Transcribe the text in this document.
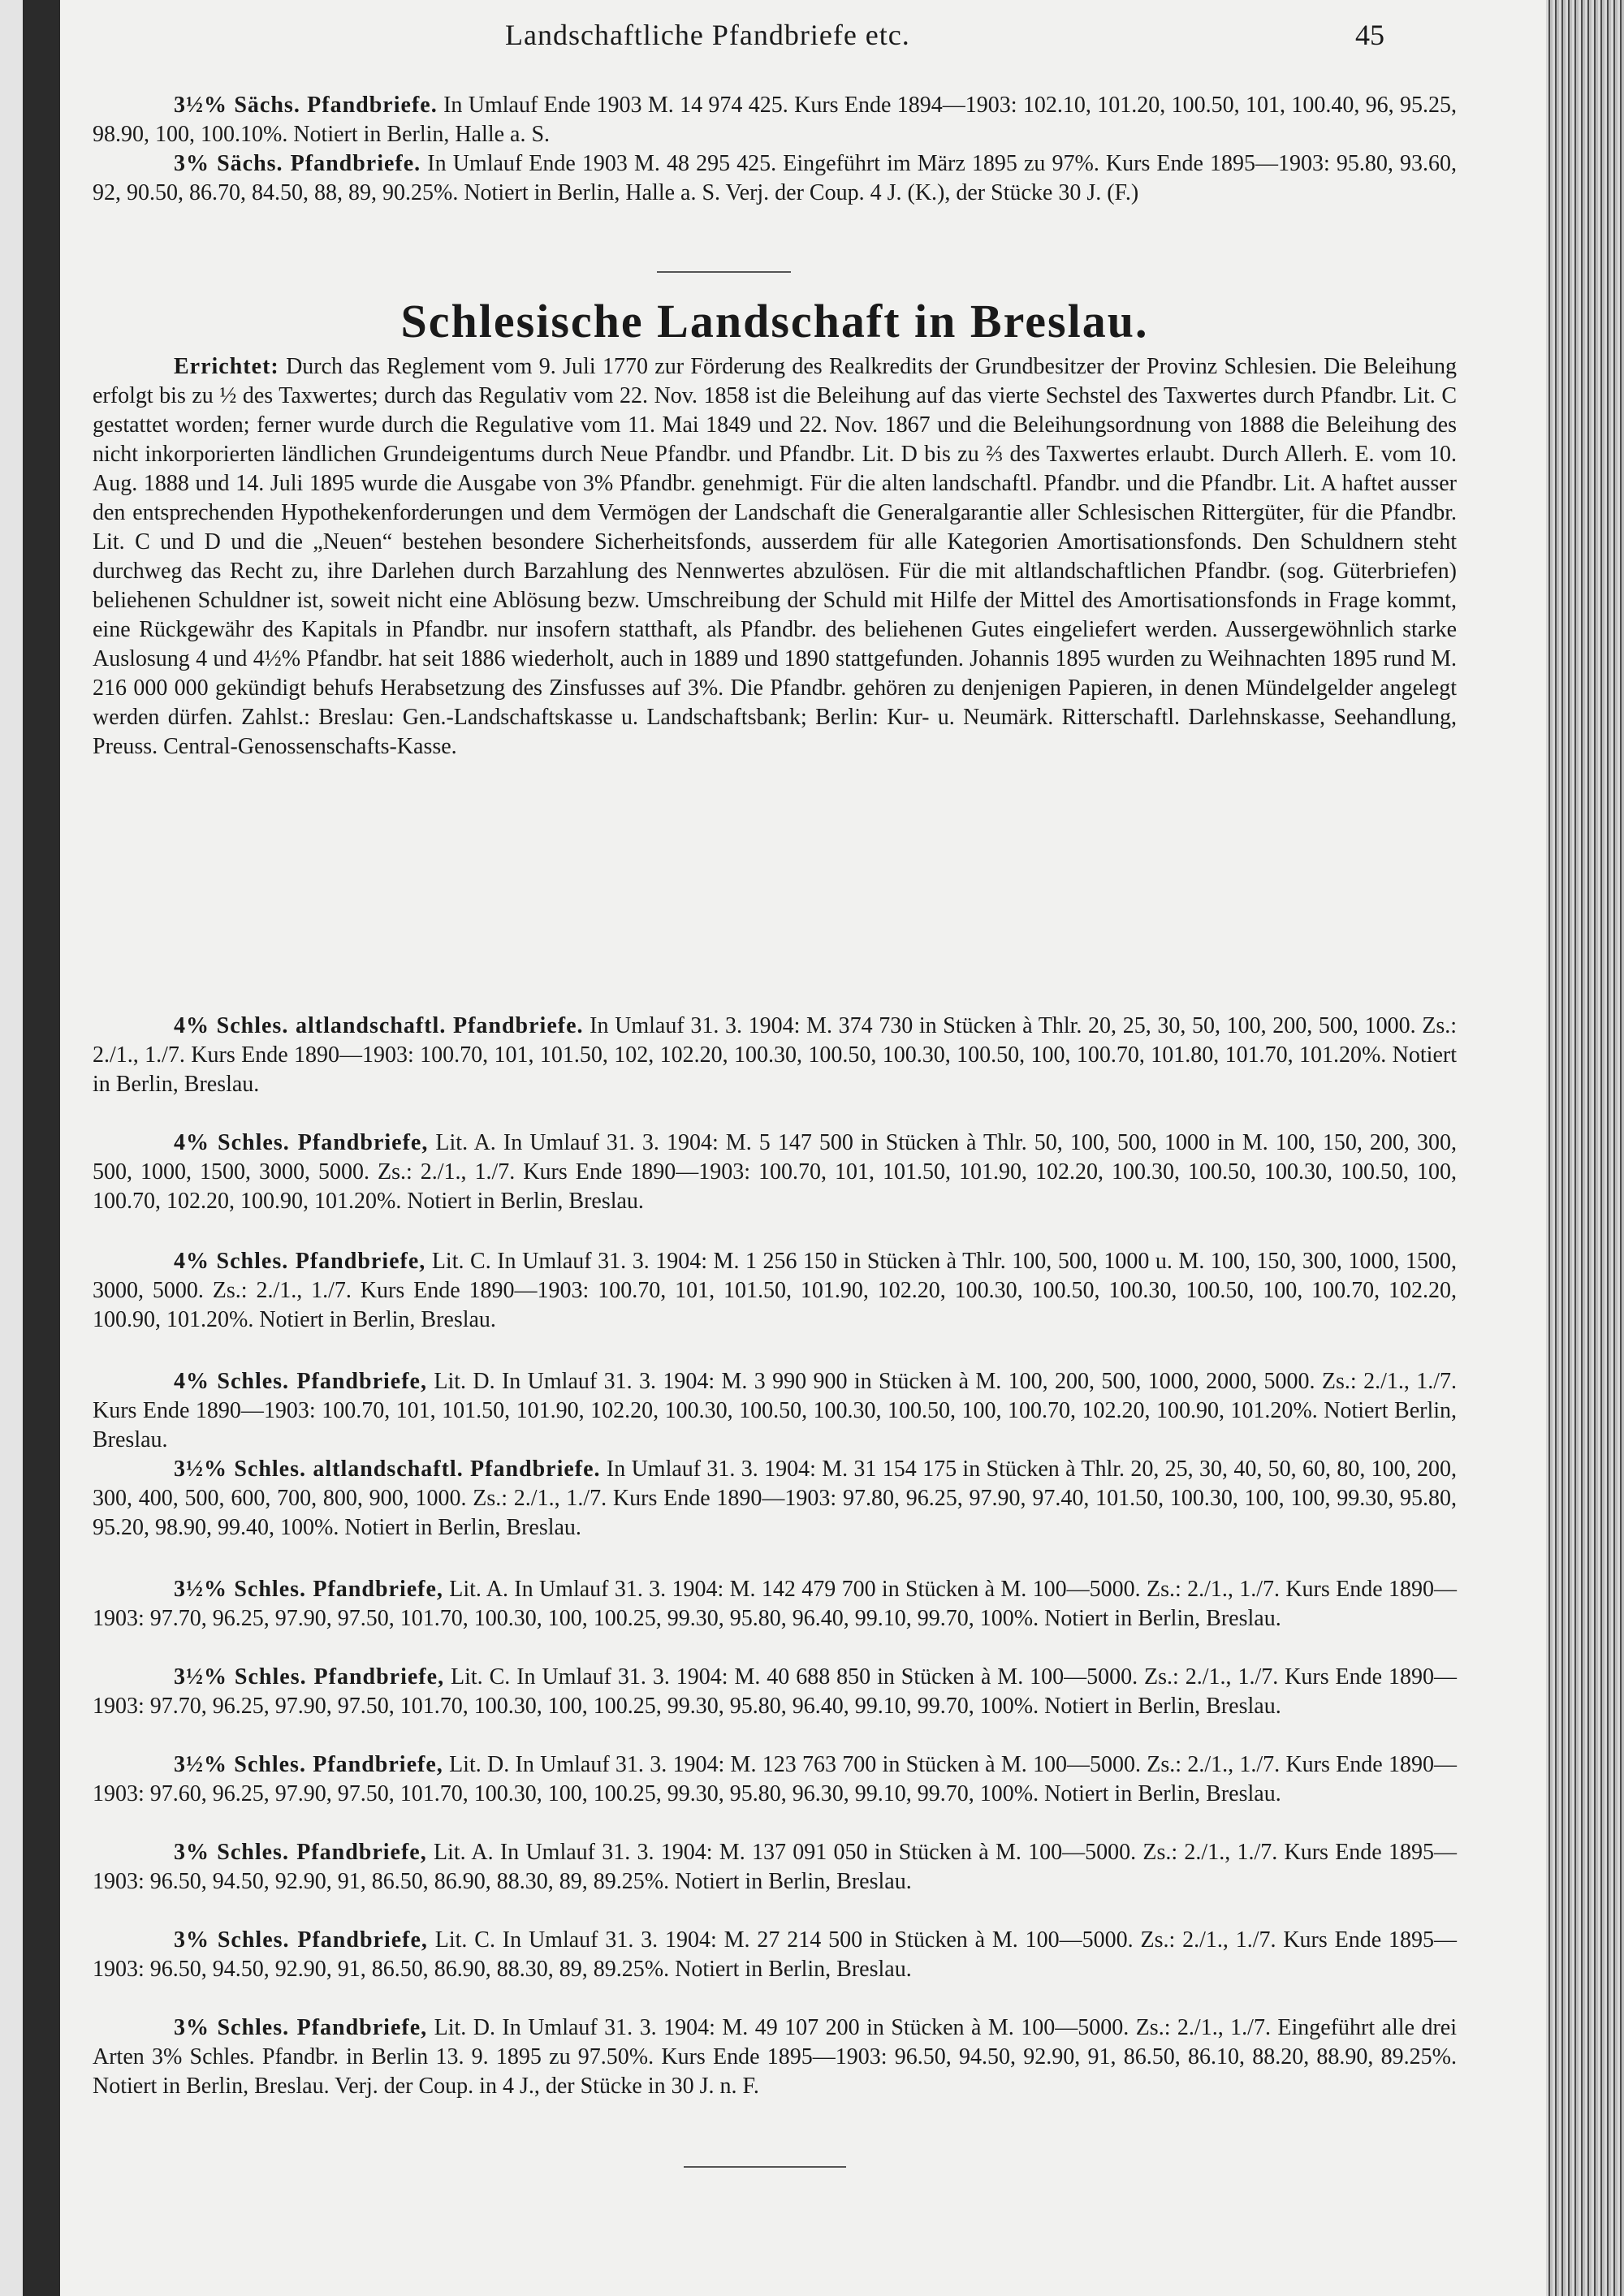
Landschaftliche Pfandbriefe etc.	45

3½% Sächs. Pfandbriefe. In Umlauf Ende 1903 M. 14 974 425. Kurs Ende 1894—1903: 102.10, 101.20, 100.50, 101, 100.40, 96, 95.25, 98.90, 100, 100.10%. Notiert in Berlin, Halle a. S.

3% Sächs. Pfandbriefe. In Umlauf Ende 1903 M. 48 295 425. Eingeführt im März 1895 zu 97%. Kurs Ende 1895—1903: 95.80, 93.60, 92, 90.50, 86.70, 84.50, 88, 89, 90.25%. Notiert in Berlin, Halle a. S. Verj. der Coup. 4 J. (K.), der Stücke 30 J. (F.)

Schlesische Landschaft in Breslau.

Errichtet: Durch das Reglement vom 9. Juli 1770 zur Förderung des Realkredits der Grundbesitzer der Provinz Schlesien. Die Beleihung erfolgt bis zu ½ des Taxwertes; durch das Regulativ vom 22. Nov. 1858 ist die Beleihung auf das vierte Sechstel des Taxwertes durch Pfandbr. Lit. C gestattet worden; ferner wurde durch die Regulative vom 11. Mai 1849 und 22. Nov. 1867 und die Beleihungsordnung von 1888 die Beleihung des nicht inkorporierten ländlichen Grundeigentums durch Neue Pfandbr. und Pfandbr. Lit. D bis zu ⅔ des Taxwertes erlaubt. Durch Allerh. E. vom 10. Aug. 1888 und 14. Juli 1895 wurde die Ausgabe von 3% Pfandbr. genehmigt. Für die alten landschaftl. Pfandbr. und die Pfandbr. Lit. A haftet ausser den entsprechenden Hypothekenforderungen und dem Vermögen der Landschaft die Generalgarantie aller Schlesischen Rittergüter, für die Pfandbr. Lit. C und D und die „Neuen“ bestehen besondere Sicherheitsfonds, ausserdem für alle Kategorien Amortisationsfonds. Den Schuldnern steht durchweg das Recht zu, ihre Darlehen durch Barzahlung des Nennwertes abzulösen. Für die mit altlandschaftlichen Pfandbr. (sog. Güterbriefen) beliehenen Schuldner ist, soweit nicht eine Ablösung bezw. Umschreibung der Schuld mit Hilfe der Mittel des Amortisationsfonds in Frage kommt, eine Rückgewähr des Kapitals in Pfandbr. nur insofern statthaft, als Pfandbr. des beliehenen Gutes eingeliefert werden. Aussergewöhnlich starke Auslosung 4 und 4½% Pfandbr. hat seit 1886 wiederholt, auch in 1889 und 1890 stattgefunden. Johannis 1895 wurden zu Weihnachten 1895 rund M. 216 000 000 gekündigt behufs Herabsetzung des Zinsfusses auf 3%. Die Pfandbr. gehören zu denjenigen Papieren, in denen Mündelgelder angelegt werden dürfen. Zahlst.: Breslau: Gen.-Landschaftskasse u. Landschaftsbank; Berlin: Kur- u. Neumärk. Ritterschaftl. Darlehnskasse, Seehandlung, Preuss. Central-Genossenschafts-Kasse.

4% Schles. altlandschaftl. Pfandbriefe. In Umlauf 31. 3. 1904: M. 374 730 in Stücken à Thlr. 20, 25, 30, 50, 100, 200, 500, 1000. Zs.: 2./1., 1./7. Kurs Ende 1890—1903: 100.70, 101, 101.50, 102, 102.20, 100.30, 100.50, 100.30, 100.50, 100, 100.70, 101.80, 101.70, 101.20%. Notiert in Berlin, Breslau.

4% Schles. Pfandbriefe, Lit. A. In Umlauf 31. 3. 1904: M. 5 147 500 in Stücken à Thlr. 50, 100, 500, 1000 in M. 100, 150, 200, 300, 500, 1000, 1500, 3000, 5000. Zs.: 2./1., 1./7. Kurs Ende 1890—1903: 100.70, 101, 101.50, 101.90, 102.20, 100.30, 100.50, 100.30, 100.50, 100, 100.70, 102.20, 100.90, 101.20%. Notiert in Berlin, Breslau.

4% Schles. Pfandbriefe, Lit. C. In Umlauf 31. 3. 1904: M. 1 256 150 in Stücken à Thlr. 100, 500, 1000 u. M. 100, 150, 300, 1000, 1500, 3000, 5000. Zs.: 2./1., 1./7. Kurs Ende 1890—1903: 100.70, 101, 101.50, 101.90, 102.20, 100.30, 100.50, 100.30, 100.50, 100, 100.70, 102.20, 100.90, 101.20%. Notiert in Berlin, Breslau.

4% Schles. Pfandbriefe, Lit. D. In Umlauf 31. 3. 1904: M. 3 990 900 in Stücken à M. 100, 200, 500, 1000, 2000, 5000. Zs.: 2./1., 1./7. Kurs Ende 1890—1903: 100.70, 101, 101.50, 101.90, 102.20, 100.30, 100.50, 100.30, 100.50, 100, 100.70, 102.20, 100.90, 101.20%. Notiert Berlin, Breslau.

3½% Schles. altlandschaftl. Pfandbriefe. In Umlauf 31. 3. 1904: M. 31 154 175 in Stücken à Thlr. 20, 25, 30, 40, 50, 60, 80, 100, 200, 300, 400, 500, 600, 700, 800, 900, 1000. Zs.: 2./1., 1./7. Kurs Ende 1890—1903: 97.80, 96.25, 97.90, 97.40, 101.50, 100.30, 100, 100, 99.30, 95.80, 95.20, 98.90, 99.40, 100%. Notiert in Berlin, Breslau.

3½% Schles. Pfandbriefe, Lit. A. In Umlauf 31. 3. 1904: M. 142 479 700 in Stücken à M. 100—5000. Zs.: 2./1., 1./7. Kurs Ende 1890—1903: 97.70, 96.25, 97.90, 97.50, 101.70, 100.30, 100, 100.25, 99.30, 95.80, 96.40, 99.10, 99.70, 100%. Notiert in Berlin, Breslau.

3½% Schles. Pfandbriefe, Lit. C. In Umlauf 31. 3. 1904: M. 40 688 850 in Stücken à M. 100—5000. Zs.: 2./1., 1./7. Kurs Ende 1890—1903: 97.70, 96.25, 97.90, 97.50, 101.70, 100.30, 100, 100.25, 99.30, 95.80, 96.40, 99.10, 99.70, 100%. Notiert in Berlin, Breslau.

3½% Schles. Pfandbriefe, Lit. D. In Umlauf 31. 3. 1904: M. 123 763 700 in Stücken à M. 100—5000. Zs.: 2./1., 1./7. Kurs Ende 1890—1903: 97.60, 96.25, 97.90, 97.50, 101.70, 100.30, 100, 100.25, 99.30, 95.80, 96.30, 99.10, 99.70, 100%. Notiert in Berlin, Breslau.

3% Schles. Pfandbriefe, Lit. A. In Umlauf 31. 3. 1904: M. 137 091 050 in Stücken à M. 100—5000. Zs.: 2./1., 1./7. Kurs Ende 1895—1903: 96.50, 94.50, 92.90, 91, 86.50, 86.90, 88.30, 89, 89.25%. Notiert in Berlin, Breslau.

3% Schles. Pfandbriefe, Lit. C. In Umlauf 31. 3. 1904: M. 27 214 500 in Stücken à M. 100—5000. Zs.: 2./1., 1./7. Kurs Ende 1895—1903: 96.50, 94.50, 92.90, 91, 86.50, 86.90, 88.30, 89, 89.25%. Notiert in Berlin, Breslau.

3% Schles. Pfandbriefe, Lit. D. In Umlauf 31. 3. 1904: M. 49 107 200 in Stücken à M. 100—5000. Zs.: 2./1., 1./7. Eingeführt alle drei Arten 3% Schles. Pfandbr. in Berlin 13. 9. 1895 zu 97.50%. Kurs Ende 1895—1903: 96.50, 94.50, 92.90, 91, 86.50, 86.10, 88.20, 88.90, 89.25%. Notiert in Berlin, Breslau. Verj. der Coup. in 4 J., der Stücke in 30 J. n. F.
